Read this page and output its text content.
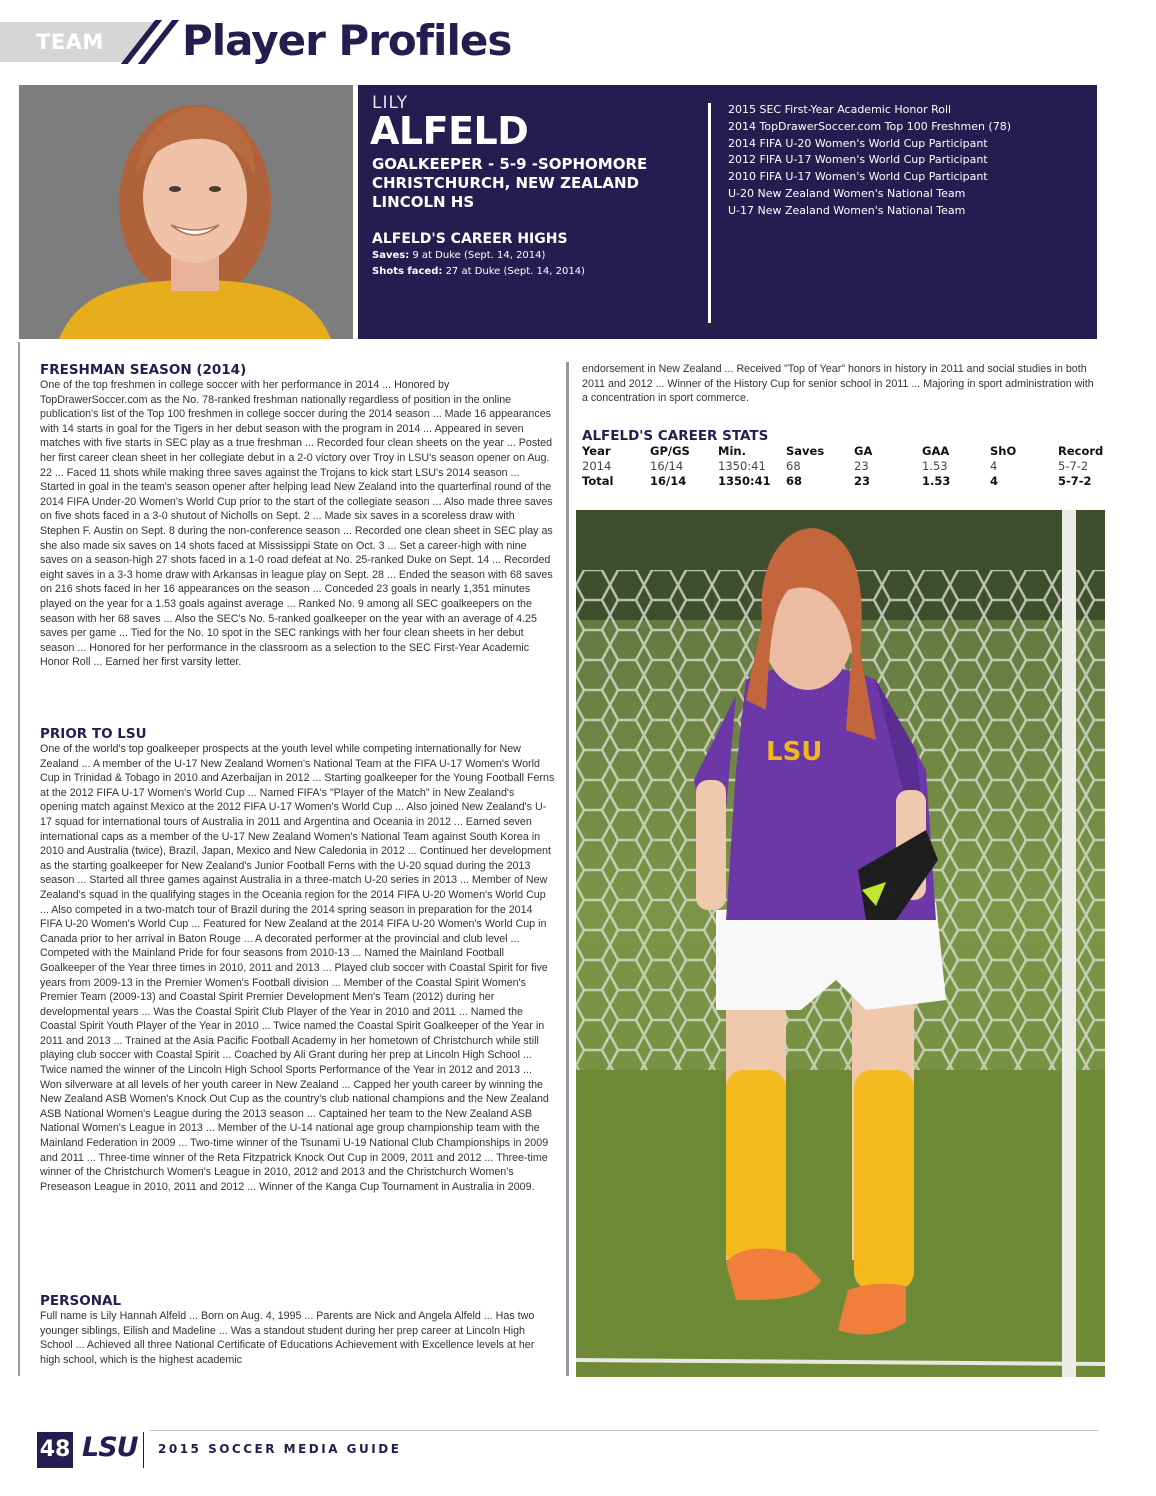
TEAM Player Profiles
LILY
ALFELD
GOALKEEPER - 5-9 -SOPHOMORE
CHRISTCHURCH, NEW ZEALAND
LINCOLN HS
ALFELD'S CAREER HIGHS
Saves: 9 at Duke (Sept. 14, 2014)
Shots faced: 27 at Duke (Sept. 14, 2014)
2015 SEC First-Year Academic Honor Roll
2014 TopDrawerSoccer.com Top 100 Freshmen (78)
2014 FIFA U-20 Women's World Cup Participant
2012 FIFA U-17 Women's World Cup Participant
2010 FIFA U-17 Women's World Cup Participant
U-20 New Zealand Women's National Team
U-17 New Zealand Women's National Team
FRESHMAN SEASON (2014)

One of the top freshmen in college soccer with her performance in 2014 ... Honored by TopDrawerSoccer.com as the No. 78-ranked freshman nationally regardless of position in the online publication's list of the Top 100 freshmen in college soccer during the 2014 season ... Made 16 appearances with 14 starts in goal for the Tigers in her debut season with the program in 2014 ... Appeared in seven matches with five starts in SEC play as a true freshman ... Recorded four clean sheets on the year ... Posted her first career clean sheet in her collegiate debut in a 2-0 victory over Troy in LSU's season opener on Aug. 22 ... Faced 11 shots while making three saves against the Trojans to kick start LSU's 2014 season ... Started in goal in the team's season opener after helping lead New Zealand into the quarterfinal round of the 2014 FIFA Under-20 Women's World Cup prior to the start of the collegiate season ... Also made three saves on five shots faced in a 3-0 shutout of Nicholls on Sept. 2 ... Made six saves in a scoreless draw with Stephen F. Austin on Sept. 8 during the non-conference season ... Recorded one clean sheet in SEC play as she also made six saves on 14 shots faced at Mississippi State on Oct. 3 ... Set a career-high with nine saves on a season-high 27 shots faced in a 1-0 road defeat at No. 25-ranked Duke on Sept. 14 ... Recorded eight saves in a 3-3 home draw with Arkansas in league play on Sept. 28 ... Ended the season with 68 saves on 216 shots faced in her 16 appearances on the season ... Conceded 23 goals in nearly 1,351 minutes played on the year for a 1.53 goals against average ... Ranked No. 9 among all SEC goalkeepers on the season with her 68 saves ... Also the SEC's No. 5-ranked goalkeeper on the year with an average of 4.25 saves per game ... Tied for the No. 10 spot in the SEC rankings with her four clean sheets in her debut season ... Honored for her performance in the classroom as a selection to the SEC First-Year Academic Honor Roll ... Earned her first varsity letter.

PRIOR TO LSU

One of the world's top goalkeeper prospects at the youth level while competing internationally for New Zealand ... A member of the U-17 New Zealand Women's National Team at the FIFA U-17 Women's World Cup in Trinidad & Tobago in 2010 and Azerbaijan in 2012 ... Starting goalkeeper for the Young Football Ferns at the 2012 FIFA U-17 Women's World Cup ... Named FIFA's "Player of the Match" in New Zealand's opening match against Mexico at the 2012 FIFA U-17 Women's World Cup ... Also joined New Zealand's U-17 squad for international tours of Australia in 2011 and Argentina and Oceania in 2012 ... Earned seven international caps as a member of the U-17 New Zealand Women's National Team against South Korea in 2010 and Australia (twice), Brazil, Japan, Mexico and New Caledonia in 2012 ... Continued her development as the starting goalkeeper for New Zealand's Junior Football Ferns with the U-20 squad during the 2013 season ... Started all three games against Australia in a three-match U-20 series in 2013 ... Member of New Zealand's squad in the qualifying stages in the Oceania region for the 2014 FIFA U-20 Women's World Cup ... Also competed in a two-match tour of Brazil during the 2014 spring season in preparation for the 2014 FIFA U-20 Women's World Cup ... Featured for New Zealand at the 2014 FIFA U-20 Women's World Cup in Canada prior to her arrival in Baton Rouge ... A decorated performer at the provincial and club level ... Competed with the Mainland Pride for four seasons from 2010-13 ... Named the Mainland Football Goalkeeper of the Year three times in 2010, 2011 and 2013 ... Played club soccer with Coastal Spirit for five years from 2009-13 in the Premier Women's Football division ... Member of the Coastal Spirit Women's Premier Team (2009-13) and Coastal Spirit Premier Development Men's Team (2012) during her developmental years ... Was the Coastal Spirit Club Player of the Year in 2010 and 2011 ... Named the Coastal Spirit Youth Player of the Year in 2010 ... Twice named the Coastal Spirit Goalkeeper of the Year in 2011 and 2013 ... Trained at the Asia Pacific Football Academy in her hometown of Christchurch while still playing club soccer with Coastal Spirit ... Coached by Ali Grant during her prep at Lincoln High School ... Twice named the winner of the Lincoln High School Sports Performance of the Year in 2012 and 2013 ... Won silverware at all levels of her youth career in New Zealand ... Capped her youth career by winning the New Zealand ASB Women's Knock Out Cup as the country's club national champions and the New Zealand ASB National Women's League during the 2013 season ... Captained her team to the New Zealand ASB National Women's League in 2013 ... Member of the U-14 national age group championship team with the Mainland Federation in 2009 ... Two-time winner of the Tsunami U-19 National Club Championships in 2009 and 2011 ... Three-time winner of the Reta Fitzpatrick Knock Out Cup in 2009, 2011 and 2012 ... Three-time winner of the Christchurch Women's League in 2010, 2012 and 2013 and the Christchurch Women's Preseason League in 2010, 2011 and 2012 ... Winner of the Kanga Cup Tournament in Australia in 2009.

PERSONAL

Full name is Lily Hannah Alfeld ... Born on Aug. 4, 1995 ... Parents are Nick and Angela Alfeld ... Has two younger siblings, Eilish and Madeline ... Was a standout student during her prep career at Lincoln High School ... Achieved all three National Certificate of Educations Achievement with Excellence levels at her high school, which is the highest academic

endorsement in New Zealand ... Received "Top of Year" honors in history in 2011 and social studies in both 2011 and 2012 ... Winner of the History Cup for senior school in 2011 ... Majoring in sport administration with a concentration in sport commerce.

ALFELD'S CAREER STATS
Year	GP/GS	Min.	Saves	GA	GAA	ShO	Record
2014	16/14	1350:41	68	23	1.53	4	5-7-2
Total	16/14	1350:41	68	23	1.53	4	5-7-2
LSU
48 LSU 2015 SOCCER MEDIA GUIDE
